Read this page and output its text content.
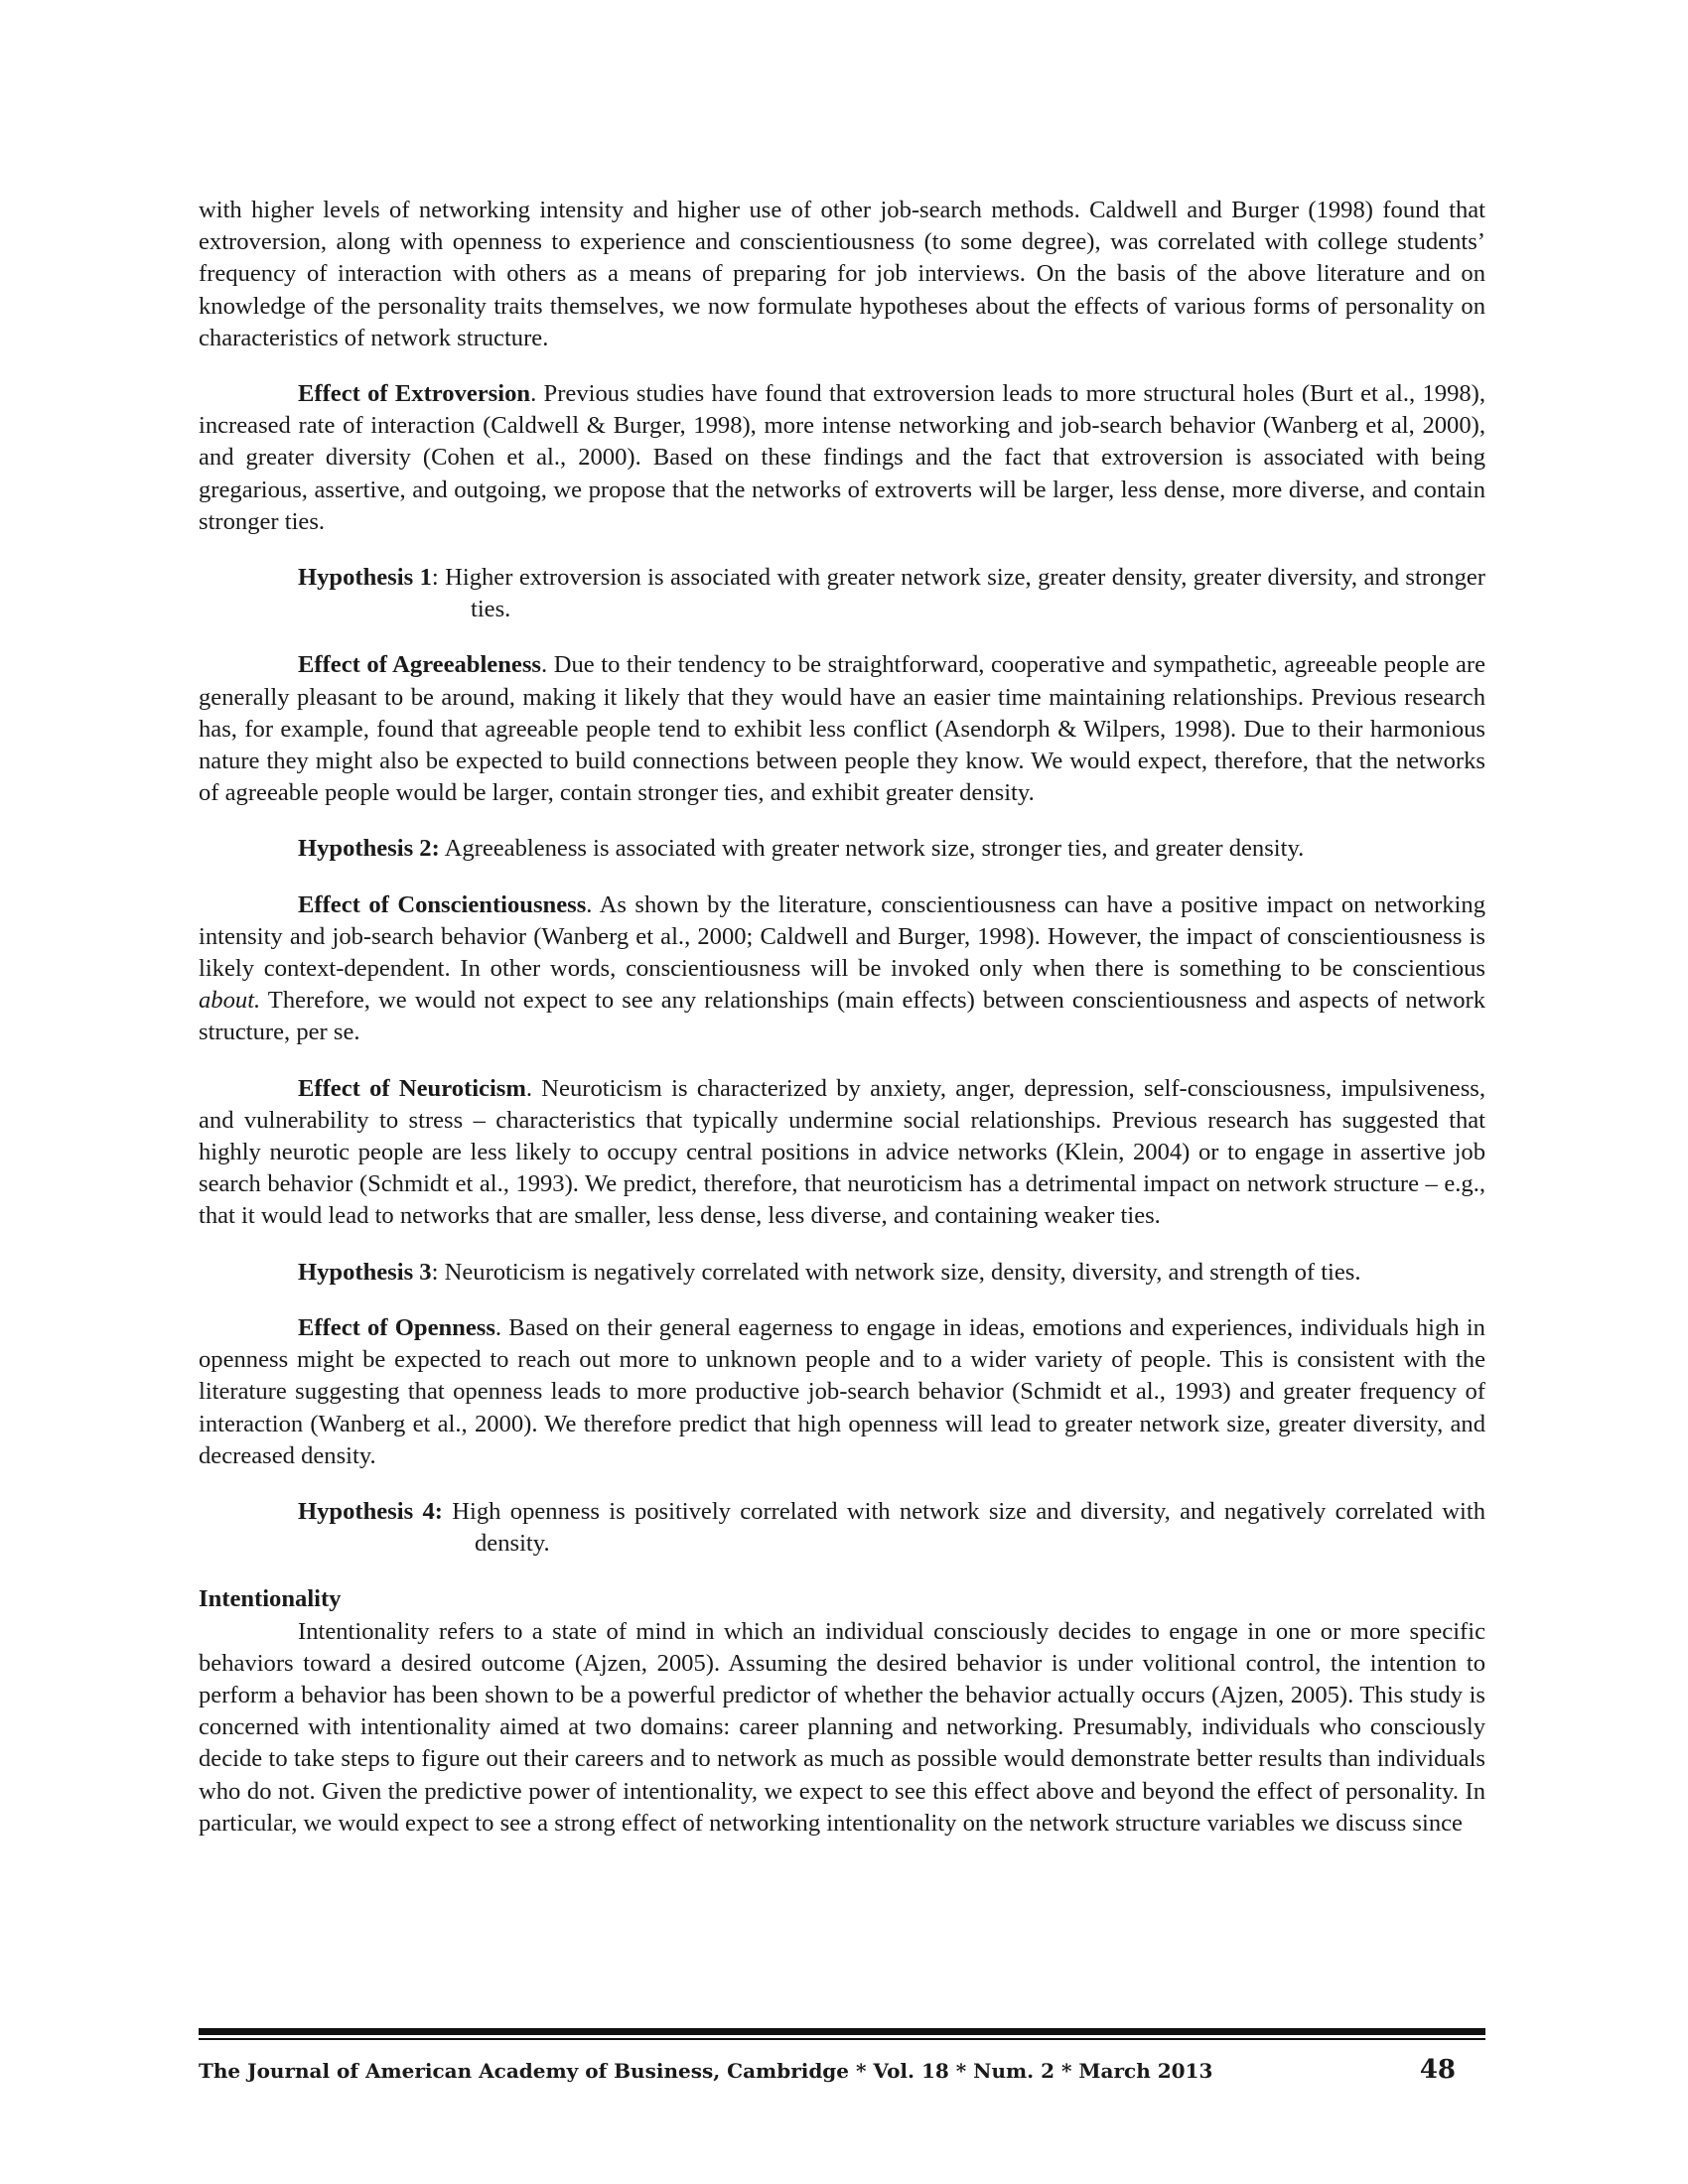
with higher levels of networking intensity and higher use of other job-search methods. Caldwell and Burger (1998) found that extroversion, along with openness to experience and conscientiousness (to some degree), was correlated with college students’ frequency of interaction with others as a means of preparing for job interviews. On the basis of the above literature and on knowledge of the personality traits themselves, we now formulate hypotheses about the effects of various forms of personality on characteristics of network structure.

Effect of Extroversion. Previous studies have found that extroversion leads to more structural holes (Burt et al., 1998), increased rate of interaction (Caldwell & Burger, 1998), more intense networking and job-search behavior (Wanberg et al, 2000), and greater diversity (Cohen et al., 2000). Based on these findings and the fact that extroversion is associated with being gregarious, assertive, and outgoing, we propose that the networks of extroverts will be larger, less dense, more diverse, and contain stronger ties.

Hypothesis 1: Higher extroversion is associated with greater network size, greater density, greater diversity, and stronger ties.

Effect of Agreeableness. Due to their tendency to be straightforward, cooperative and sympathetic, agreeable people are generally pleasant to be around, making it likely that they would have an easier time maintaining relationships. Previous research has, for example, found that agreeable people tend to exhibit less conflict (Asendorph & Wilpers, 1998). Due to their harmonious nature they might also be expected to build connections between people they know. We would expect, therefore, that the networks of agreeable people would be larger, contain stronger ties, and exhibit greater density.

Hypothesis 2: Agreeableness is associated with greater network size, stronger ties, and greater density.

Effect of Conscientiousness. As shown by the literature, conscientiousness can have a positive impact on networking intensity and job-search behavior (Wanberg et al., 2000; Caldwell and Burger, 1998). However, the impact of conscientiousness is likely context-dependent. In other words, conscientiousness will be invoked only when there is something to be conscientious about. Therefore, we would not expect to see any relationships (main effects) between conscientiousness and aspects of network structure, per se.

Effect of Neuroticism. Neuroticism is characterized by anxiety, anger, depression, self-consciousness, impulsiveness, and vulnerability to stress – characteristics that typically undermine social relationships. Previous research has suggested that highly neurotic people are less likely to occupy central positions in advice networks (Klein, 2004) or to engage in assertive job search behavior (Schmidt et al., 1993). We predict, therefore, that neuroticism has a detrimental impact on network structure – e.g., that it would lead to networks that are smaller, less dense, less diverse, and containing weaker ties.

Hypothesis 3: Neuroticism is negatively correlated with network size, density, diversity, and strength of ties.

Effect of Openness. Based on their general eagerness to engage in ideas, emotions and experiences, individuals high in openness might be expected to reach out more to unknown people and to a wider variety of people. This is consistent with the literature suggesting that openness leads to more productive job-search behavior (Schmidt et al., 1993) and greater frequency of interaction (Wanberg et al., 2000). We therefore predict that high openness will lead to greater network size, greater diversity, and decreased density.

Hypothesis 4: High openness is positively correlated with network size and diversity, and negatively correlated with density.

Intentionality

Intentionality refers to a state of mind in which an individual consciously decides to engage in one or more specific behaviors toward a desired outcome (Ajzen, 2005). Assuming the desired behavior is under volitional control, the intention to perform a behavior has been shown to be a powerful predictor of whether the behavior actually occurs (Ajzen, 2005). This study is concerned with intentionality aimed at two domains: career planning and networking. Presumably, individuals who consciously decide to take steps to figure out their careers and to network as much as possible would demonstrate better results than individuals who do not. Given the predictive power of intentionality, we expect to see this effect above and beyond the effect of personality. In particular, we would expect to see a strong effect of networking intentionality on the network structure variables we discuss since

The Journal of American Academy of Business, Cambridge * Vol. 18 * Num. 2 * March 2013	48
